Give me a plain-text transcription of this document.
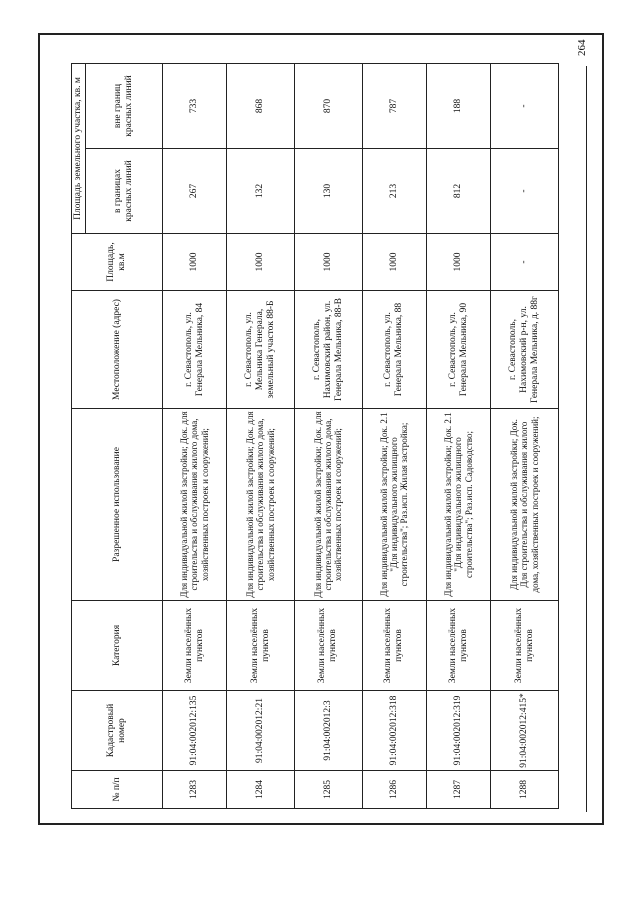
264
№ п/п	Кадастровый номер	Категория	Разрешенное использование	Местоположение (адрес)	Площадь, кв.м	Площадь земельного участка, кв. м	
						в границах красных линий	вне границ красных линий
1283	91:04:002012:135	Земли населённых пунктов	Для индивидуальной жилой застройки; Док. для строительства и обслуживания жилого дома, хозяйственных построек и сооружений;	г. Севастополь, ул. Генерала Мельника, 84	1000	267	733
1284	91:04:002012:21	Земли населённых пунктов	Для индивидуальной жилой застройки; Док. для строительства и обслуживания жилого дома, хозяйственных построек и сооружений;	г. Севастополь, ул. Мельника Генерала, земельный участок 88-Б	1000	132	868
1285	91:04:002012:3	Земли населённых пунктов	Для индивидуальной жилой застройки; Док. для строительства и обслуживания жилого дома, хозяйственных построек и сооружений;	г. Севастополь, Нахимовский район, ул. Генерала Мельника, 88-В	1000	130	870
1286	91:04:002012:318	Земли населённых пунктов	Для индивидуальной жилой застройки; Док. 2.1 "Для индивидуального жилищного строительства"; Раз.исп. Жилая застройка;	г. Севастополь, ул. Генерала Мельника, 88	1000	213	787
1287	91:04:002012:319	Земли населённых пунктов	Для индивидуальной жилой застройки; Док. 2.1 "Для индивидуального жилищного строительства"; Раз.исп. Садоводство;	г. Севастополь, ул. Генерала Мельника, 90	1000	812	188
1288	91:04:002012:415*	Земли населённых пунктов	Для индивидуальной жилой застройки; Док. Для строительства и обслуживания жилого дома, хозяйственных построек и сооружений;	г. Севастополь, Нахимовский р-н, ул. Генерала Мельника, д. 88г	-	-	-
